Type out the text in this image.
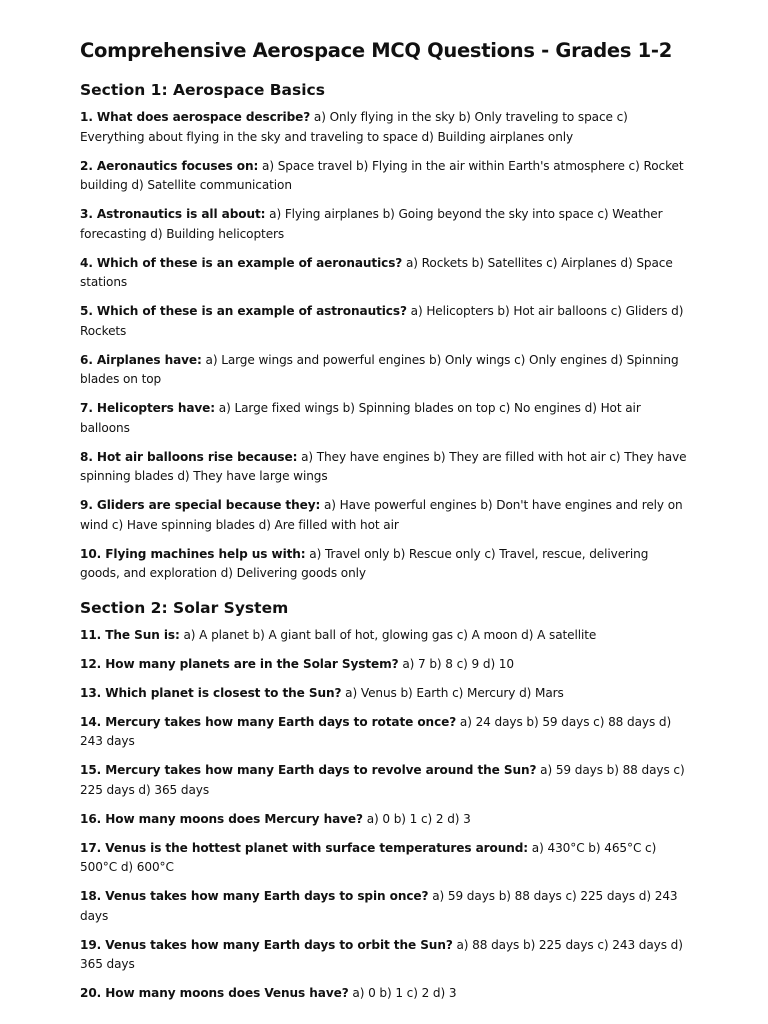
Comprehensive Aerospace MCQ Questions - Grades 1-2
Section 1: Aerospace Basics

1. What does aerospace describe? a) Only flying in the sky b) Only traveling to space c) Everything about flying in the sky and traveling to space d) Building airplanes only

2. Aeronautics focuses on: a) Space travel b) Flying in the air within Earth's atmosphere c) Rocket building d) Satellite communication

3. Astronautics is all about: a) Flying airplanes b) Going beyond the sky into space c) Weather forecasting d) Building helicopters

4. Which of these is an example of aeronautics? a) Rockets b) Satellites c) Airplanes d) Space stations

5. Which of these is an example of astronautics? a) Helicopters b) Hot air balloons c) Gliders d) Rockets

6. Airplanes have: a) Large wings and powerful engines b) Only wings c) Only engines d) Spinning blades on top

7. Helicopters have: a) Large fixed wings b) Spinning blades on top c) No engines d) Hot air balloons

8. Hot air balloons rise because: a) They have engines b) They are filled with hot air c) They have spinning blades d) They have large wings

9. Gliders are special because they: a) Have powerful engines b) Don't have engines and rely on wind c) Have spinning blades d) Are filled with hot air

10. Flying machines help us with: a) Travel only b) Rescue only c) Travel, rescue, delivering goods, and exploration d) Delivering goods only

Section 2: Solar System

11. The Sun is: a) A planet b) A giant ball of hot, glowing gas c) A moon d) A satellite

12. How many planets are in the Solar System? a) 7 b) 8 c) 9 d) 10

13. Which planet is closest to the Sun? a) Venus b) Earth c) Mercury d) Mars

14. Mercury takes how many Earth days to rotate once? a) 24 days b) 59 days c) 88 days d) 243 days

15. Mercury takes how many Earth days to revolve around the Sun? a) 59 days b) 88 days c) 225 days d) 365 days

16. How many moons does Mercury have? a) 0 b) 1 c) 2 d) 3

17. Venus is the hottest planet with surface temperatures around: a) 430°C b) 465°C c) 500°C d) 600°C

18. Venus takes how many Earth days to spin once? a) 59 days b) 88 days c) 225 days d) 243 days

19. Venus takes how many Earth days to orbit the Sun? a) 88 days b) 225 days c) 243 days d) 365 days

20. How many moons does Venus have? a) 0 b) 1 c) 2 d) 3
